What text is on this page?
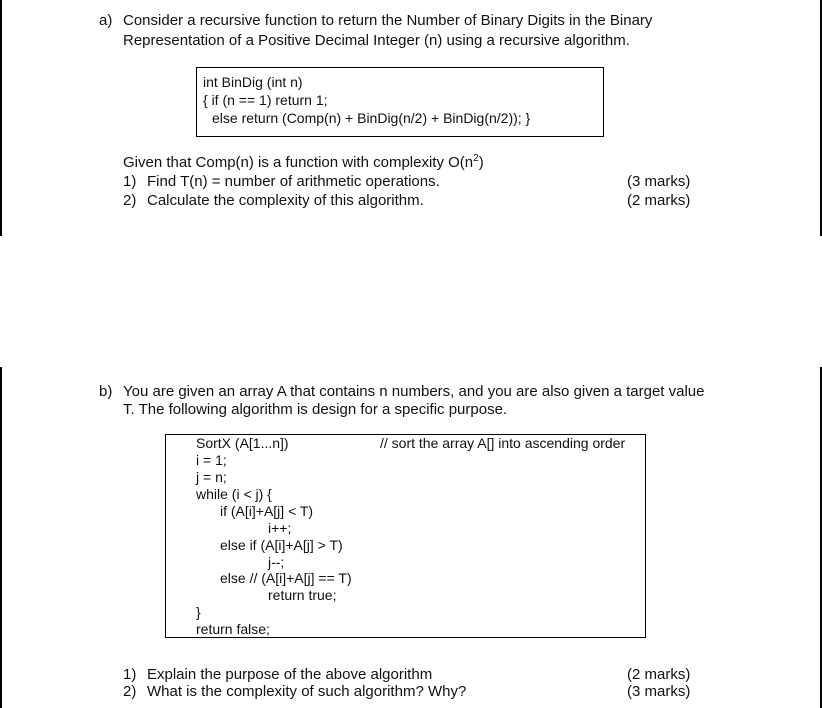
a) Consider a recursive function to return the Number of Binary Digits in the Binary
Representation of a Positive Decimal Integer (n) using a recursive algorithm.
int BinDig (int n)
{ if (n == 1) return 1;
else return (Comp(n) + BinDig(n/2) + BinDig(n/2)); }
Given that Comp(n) is a function with complexity $O(n^2)$
1) Find T(n) = number of arithmetic operations.	(3 marks)
2) Calculate the complexity of this algorithm.	(2 marks)
b) You are given an array A that contains n numbers, and you are also given a target value
T. The following algorithm is design for a specific purpose.
SortX (A[1...n])	// sort the array A[] into ascending order
i = 1;
j = n;
while (i < j) {
if (A[i]+A[j] < T)
i++;
else if (A[i]+A[j] > T)
j--;
else // (A[i]+A[j] == T)
return true;
}
return false;
1) Explain the purpose of the above algorithm	(2 marks)
2) What is the complexity of such algorithm? Why?	(3 marks)
